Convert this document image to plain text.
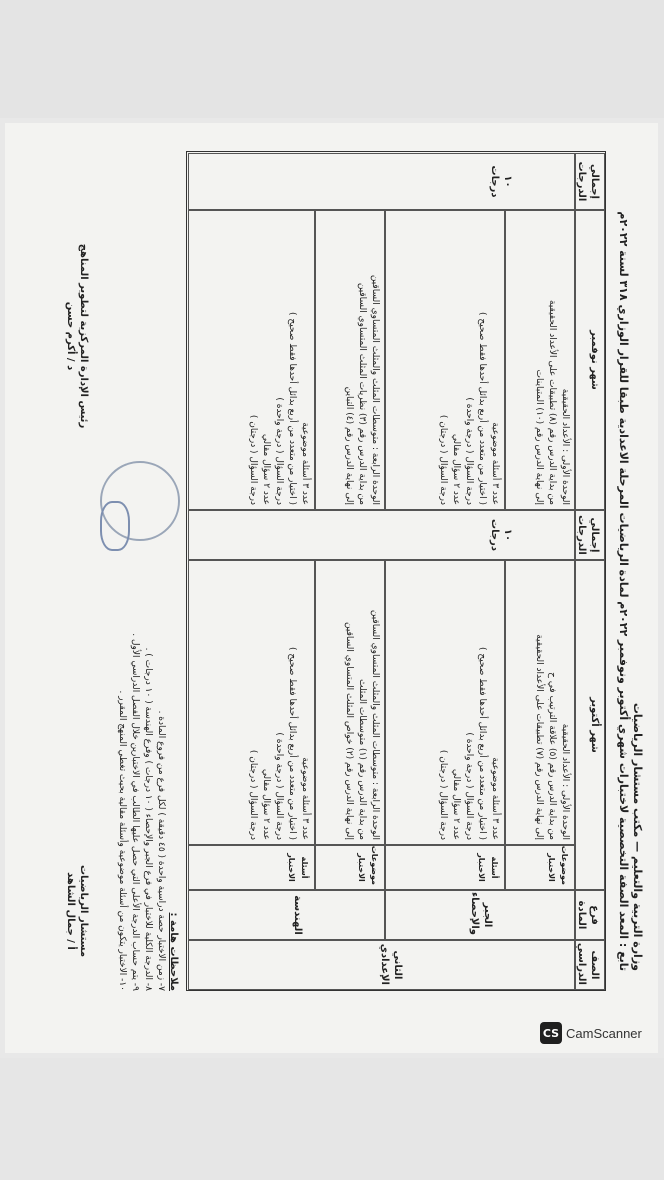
وزارة التربية والتعليم — مكتب مستشار الرياضيات
تابع : المعد الصفة التخصصية لاختبارات شهري أكتوبر ونوفمبر ٢٠٢٢م لمادة الرياضيات المرحلة الاعدادية طبقا للقرار الوزاري ٣١٨ لسنة ٢٠٢٢م
الصف الدراسي
فرع المادة
شهر أكتوبر
إجمالي الدرجات
شهر نوفمبر
إجمالي الدرجات
الثاني الإعدادي
الجبر والإحصاء
الهندسة
موضوعات الاختبار
أسئلة الاختبار
موضوعات الاختبار
أسئلة الاختبار
الوحدة الأولى : الأعداد الحقيقية
من بداية الدرس رقم (٥) علاقة الترتيب في ح
إلى نهاية الدرس رقم (٧) تطبيقات على الأعداد الحقيقية
عدد ٣ أسئلة موضوعية
( اختيار من متعدد من أربع بدائل أحدها فقط صحيح )
درجة السؤال ( درجة واحدة )
عدد ٢ سؤال مقالي
درجة السؤال ( درجتان )
الوحدة الرابعة : متوسطات المثلث والمثلث المتساوي الساقين
من بداية الدرس رقم (١) متوسطات المثلث
إلى نهاية الدرس رقم (٢) خواص المثلث المتساوي الساقين
عدد ٣ أسئلة موضوعية
( اختيار من متعدد من أربع بدائل أحدها فقط صحيح )
درجة السؤال ( درجة واحدة )
عدد ٢ سؤال مقالي
درجة السؤال ( درجتان )
١٠ درجات
الوحدة الأولى : الأعداد الحقيقية
من بداية الدرس رقم (٨) تطبيقات على الأعداد الحقيقية
إلى نهاية الدرس رقم (١٠) المتباينات
عدد ٣ أسئلة موضوعية
( اختيار من متعدد من أربع بدائل أحدها فقط صحيح )
درجة السؤال ( درجة واحدة )
عدد ٢ سؤال مقالي
درجة السؤال ( درجتان )
الوحدة الرابعة : متوسطات المثلث والمثلث المتساوي الساقين
من بداية الدرس رقم (٣) نظريات المثلث المتساوي الساقين
إلى نهاية الدرس رقم (٤) التباين
عدد ٣ أسئلة موضوعية
( اختيار من متعدد من أربع بدائل أحدها فقط صحيح )
درجة السؤال ( درجة واحدة )
عدد ٢ سؤال مقالي
درجة السؤال ( درجتان )
١٠ درجات
ملاحظات هامة :
٧- زمن الاختبار حصة دراسية واحدة ( ٤٥ دقيقة ) لكل فرع من فروع المادة .
٨- الدرجة الكلية للاختبار في فرع الجبر والإحصاء ( ١٠ درجات ) وفرع الهندسة ( ١٠ درجات ) .
٩- يتم حساب الدرجة الأعلى التي حصل عليها الطالب في الاختبارين خلال الفصل الدراسي الأول .
١٠- الاختبار يتكون من أسئلة موضوعية وأسئلة مقالية بحيث تغطي المنهج المقرر .
مستشار الرياضيات
أ / جمال الشاهد
رئيس الإدارة المركزية لتطوير المناهج
د / أكرم حسن
CS CamScanner
